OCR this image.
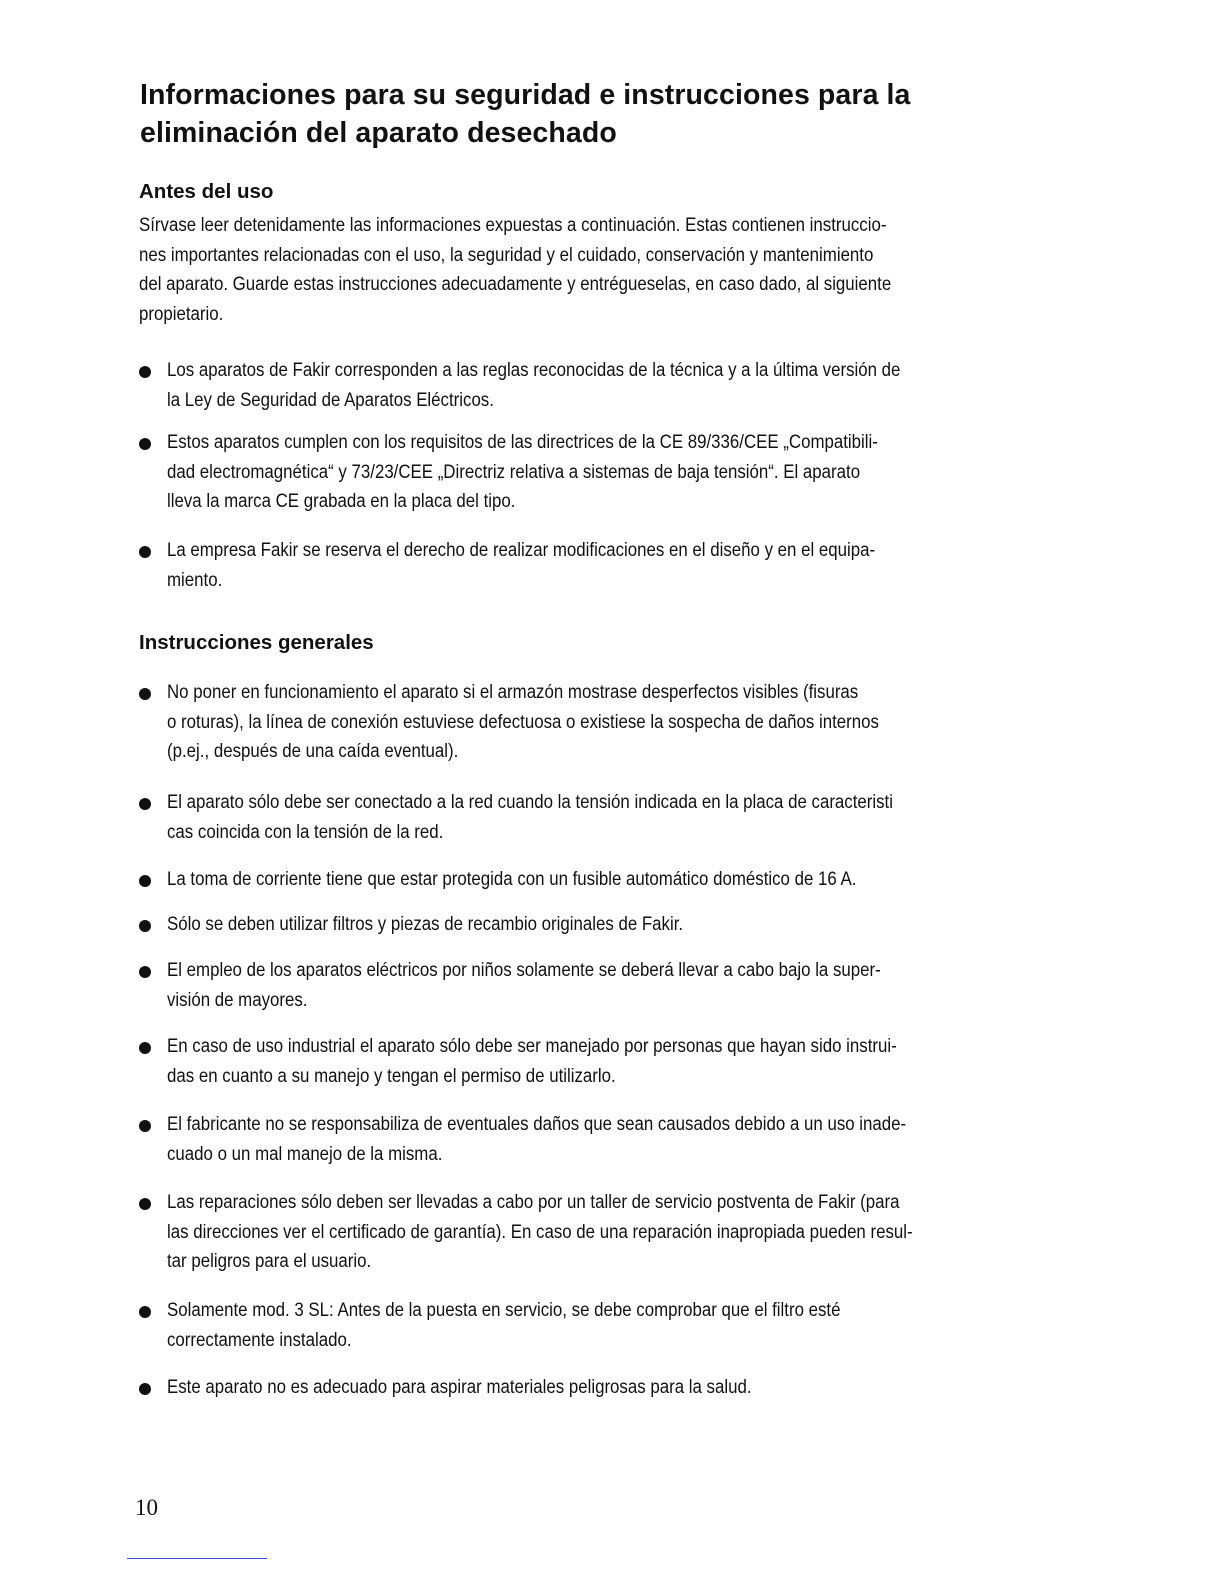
Informaciones para su seguridad e instrucciones para la
eliminación del aparato desechado
Antes del uso

Sírvase leer detenidamente las informaciones expuestas a continuación. Estas contienen instruccio-
nes importantes relacionadas con el uso, la seguridad y el cuidado, conservación y mantenimiento
del aparato. Guarde estas instrucciones adecuadamente y entrégueselas, en caso dado, al siguiente
propietario.

Los aparatos de Fakir corresponden a las reglas reconocidas de la técnica y a la última versión de
la Ley de Seguridad de Aparatos Eléctricos.
Estos aparatos cumplen con los requisitos de las directrices de la CE 89/336/CEE „Compatibili-
dad electromagnética“ y 73/23/CEE „Directriz relativa a sistemas de baja tensión“. El aparato
lleva la marca CE grabada en la placa del tipo.
La empresa Fakir se reserva el derecho de realizar modificaciones en el diseño y en el equipa-
miento.
Instrucciones generales
No poner en funcionamiento el aparato si el armazón mostrase desperfectos visibles (fisuras
o roturas), la línea de conexión estuviese defectuosa o existiese la sospecha de daños internos
(p.ej., después de una caída eventual).
El aparato sólo debe ser conectado a la red cuando la tensión indicada en la placa de caracteristi
cas coincida con la tensión de la red.
La toma de corriente tiene que estar protegida con un fusible automático doméstico de 16 A.
Sólo se deben utilizar filtros y piezas de recambio originales de Fakir.
El empleo de los aparatos eléctricos por niños solamente se deberá llevar a cabo bajo la super-
visión de mayores.
En caso de uso industrial el aparato sólo debe ser manejado por personas que hayan sido instrui-
das en cuanto a su manejo y tengan el permiso de utilizarlo.
El fabricante no se responsabiliza de eventuales daños que sean causados debido a un uso inade-
cuado o un mal manejo de la misma.
Las reparaciones sólo deben ser llevadas a cabo por un taller de servicio postventa de Fakir (para
las direcciones ver el certificado de garantía). En caso de una reparación inapropiada pueden resul-
tar peligros para el usuario.
Solamente mod. 3 SL: Antes de la puesta en servicio, se debe comprobar que el filtro esté
correctamente instalado.
Este aparato no es adecuado para aspirar materiales peligrosas para la salud.

10
